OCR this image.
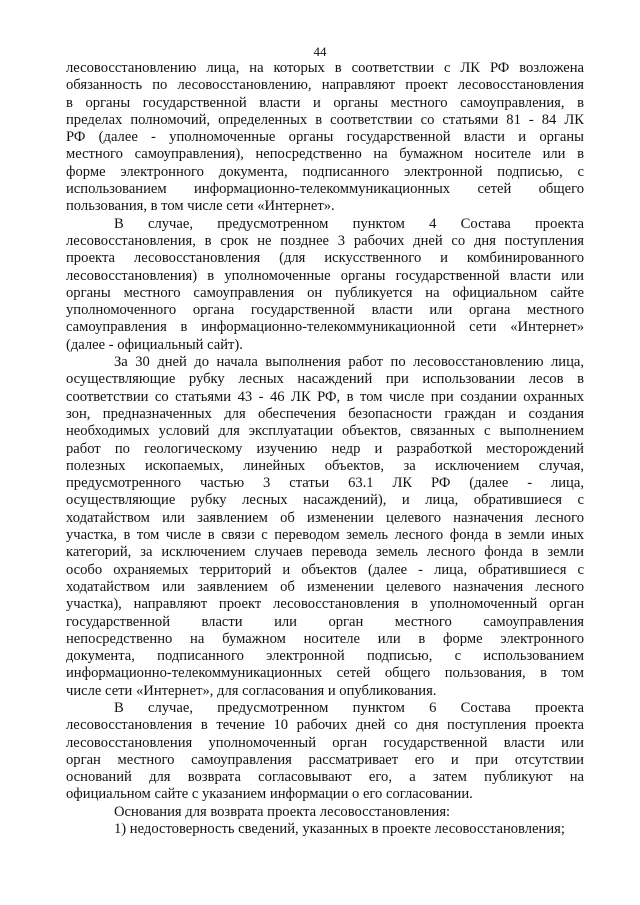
44
лесовосстановлению лица, на которых в соответствии с ЛК РФ возложена
обязанность по лесовосстановлению, направляют проект лесовосстановления
в органы государственной власти и органы местного самоуправления, в
пределах полномочий, определенных в соответствии со статьями 81 - 84 ЛК
РФ (далее - уполномоченные органы государственной власти и органы
местного самоуправления), непосредственно на бумажном носителе или в
форме электронного документа, подписанного электронной подписью, с
использованием информационно-телекоммуникационных сетей общего
пользования, в том числе сети «Интернет».
В случае, предусмотренном пунктом 4 Состава проекта
лесовосстановления, в срок не позднее 3 рабочих дней со дня поступления
проекта лесовосстановления (для искусственного и комбинированного
лесовосстановления) в уполномоченные органы государственной власти или
органы местного самоуправления он публикуется на официальном сайте
уполномоченного органа государственной власти или органа местного
самоуправления в информационно-телекоммуникационной сети «Интернет»
(далее - официальный сайт).
За 30 дней до начала выполнения работ по лесовосстановлению лица,
осуществляющие рубку лесных насаждений при использовании лесов в
соответствии со статьями 43 - 46 ЛК РФ, в том числе при создании охранных
зон, предназначенных для обеспечения безопасности граждан и создания
необходимых условий для эксплуатации объектов, связанных с выполнением
работ по геологическому изучению недр и разработкой месторождений
полезных ископаемых, линейных объектов, за исключением случая,
предусмотренного частью 3 статьи 63.1 ЛК РФ (далее - лица,
осуществляющие рубку лесных насаждений), и лица, обратившиеся с
ходатайством или заявлением об изменении целевого назначения лесного
участка, в том числе в связи с переводом земель лесного фонда в земли иных
категорий, за исключением случаев перевода земель лесного фонда в земли
особо охраняемых территорий и объектов (далее - лица, обратившиеся с
ходатайством или заявлением об изменении целевого назначения лесного
участка), направляют проект лесовосстановления в уполномоченный орган
государственной власти или орган местного самоуправления
непосредственно на бумажном носителе или в форме электронного
документа, подписанного электронной подписью, с использованием
информационно-телекоммуникационных сетей общего пользования, в том
числе сети «Интернет», для согласования и опубликования.
В случае, предусмотренном пунктом 6 Состава проекта
лесовосстановления в течение 10 рабочих дней со дня поступления проекта
лесовосстановления уполномоченный орган государственной власти или
орган местного самоуправления рассматривает его и при отсутствии
оснований для возврата согласовывают его, а затем публикуют на
официальном сайте с указанием информации о его согласовании.
Основания для возврата проекта лесовосстановления:
1) недостоверность сведений, указанных в проекте лесовосстановления;
